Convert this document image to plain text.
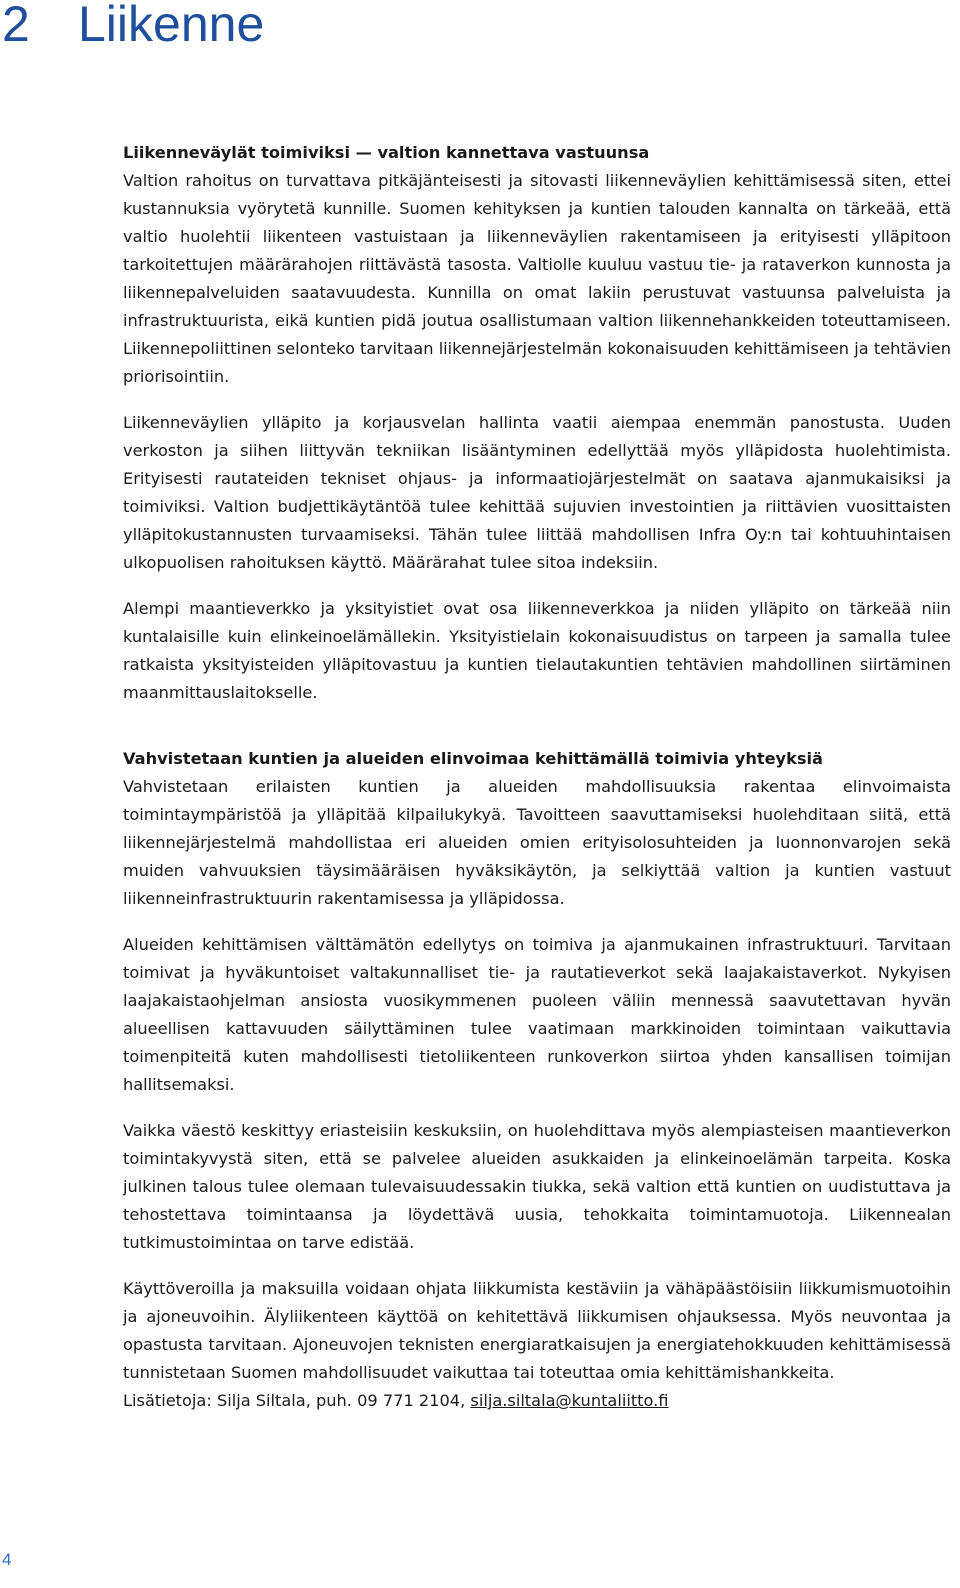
2 Liikenne
Liikenneväylät toimiviksi — valtion kannettava vastuunsa

Valtion rahoitus on turvattava pitkäjänteisesti ja sitovasti liikenneväylien kehittämisessä siten, ettei kustannuksia vyörytetä kunnille. Suomen kehityksen ja kuntien talouden kannalta on tärkeää, että valtio huolehtii liikenteen vastuistaan ja liikenneväylien rakentamiseen ja erityisesti ylläpitoon tarkoitettujen määrärahojen riittävästä tasosta. Valtiolle kuuluu vastuu tie- ja rataverkon kunnosta ja liikennepalveluiden saatavuudesta. Kunnilla on omat lakiin perustuvat vastuunsa palveluista ja infrastruktuurista, eikä kuntien pidä joutua osallistumaan valtion liikennehankkeiden toteuttamiseen. Liikennepoliittinen selonteko tarvitaan liikennejärjestelmän kokonaisuuden kehittämiseen ja tehtävien priorisointiin.

Liikenneväylien ylläpito ja korjausvelan hallinta vaatii aiempaa enemmän panostusta. Uuden verkoston ja siihen liittyvän tekniikan lisääntyminen edellyttää myös ylläpidosta huolehtimista. Erityisesti rautateiden tekniset ohjaus- ja informaatiojärjestelmät on saatava ajanmukaisiksi ja toimiviksi. Valtion budjettikäytäntöä tulee kehittää sujuvien investointien ja riittävien vuosittaisten ylläpitokustannusten turvaamiseksi. Tähän tulee liittää mahdollisen Infra Oy:n tai kohtuuhintaisen ulkopuolisen rahoituksen käyttö. Määrärahat tulee sitoa indeksiin.

Alempi maantieverkko ja yksityistiet ovat osa liikenneverkkoa ja niiden ylläpito on tärkeää niin kuntalaisille kuin elinkeinoelämällekin. Yksityistielain kokonaisuudistus on tarpeen ja samalla tulee ratkaista yksityisteiden ylläpitovastuu ja kuntien tielautakuntien tehtävien mahdollinen siirtäminen maanmittauslaitokselle.

Vahvistetaan kuntien ja alueiden elinvoimaa kehittämällä toimivia yhteyksiä

Vahvistetaan erilaisten kuntien ja alueiden mahdollisuuksia rakentaa elinvoimaista toimintaympäristöä ja ylläpitää kilpailukykyä. Tavoitteen saavuttamiseksi huolehditaan siitä, että liikennejärjestelmä mahdollistaa eri alueiden omien erityisolosuhteiden ja luonnonvarojen sekä muiden vahvuuksien täysimääräisen hyväksikäytön, ja selkiyttää valtion ja kuntien vastuut liikenneinfrastruktuurin rakentamisessa ja ylläpidossa.

Alueiden kehittämisen välttämätön edellytys on toimiva ja ajanmukainen infrastruktuuri. Tarvitaan toimivat ja hyväkuntoiset valtakunnalliset tie- ja rautatieverkot sekä laajakaistaverkot. Nykyisen laajakaistaohjelman ansiosta vuosikymmenen puoleen väliin mennessä saavutettavan hyvän alueellisen kattavuuden säilyttäminen tulee vaatimaan markkinoiden toimintaan vaikuttavia toimenpiteitä kuten mahdollisesti tietoliikenteen runkoverkon siirtoa yhden kansallisen toimijan hallitsemaksi.

Vaikka väestö keskittyy eriasteisiin keskuksiin, on huolehdittava myös alempiasteisen maantieverkon toimintakyvystä siten, että se palvelee alueiden asukkaiden ja elinkeinoelämän tarpeita. Koska julkinen talous tulee olemaan tulevaisuudessakin tiukka, sekä valtion että kuntien on uudistuttava ja tehostettava toimintaansa ja löydettävä uusia, tehokkaita toimintamuotoja. Liikennealan tutkimustoimintaa on tarve edistää.

Käyttöveroilla ja maksuilla voidaan ohjata liikkumista kestäviin ja vähäpäästöisiin liikkumismuotoihin ja ajoneuvoihin. Älyliikenteen käyttöä on kehitettävä liikkumisen ohjauksessa. Myös neuvontaa ja opastusta tarvitaan. Ajoneuvojen teknisten energiaratkaisujen ja energiatehokkuuden kehittämisessä tunnistetaan Suomen mahdollisuudet vaikuttaa tai toteuttaa omia kehittämishankkeita.

Lisätietoja: Silja Siltala, puh. 09 771 2104, silja.siltala@kuntaliitto.fi

4
